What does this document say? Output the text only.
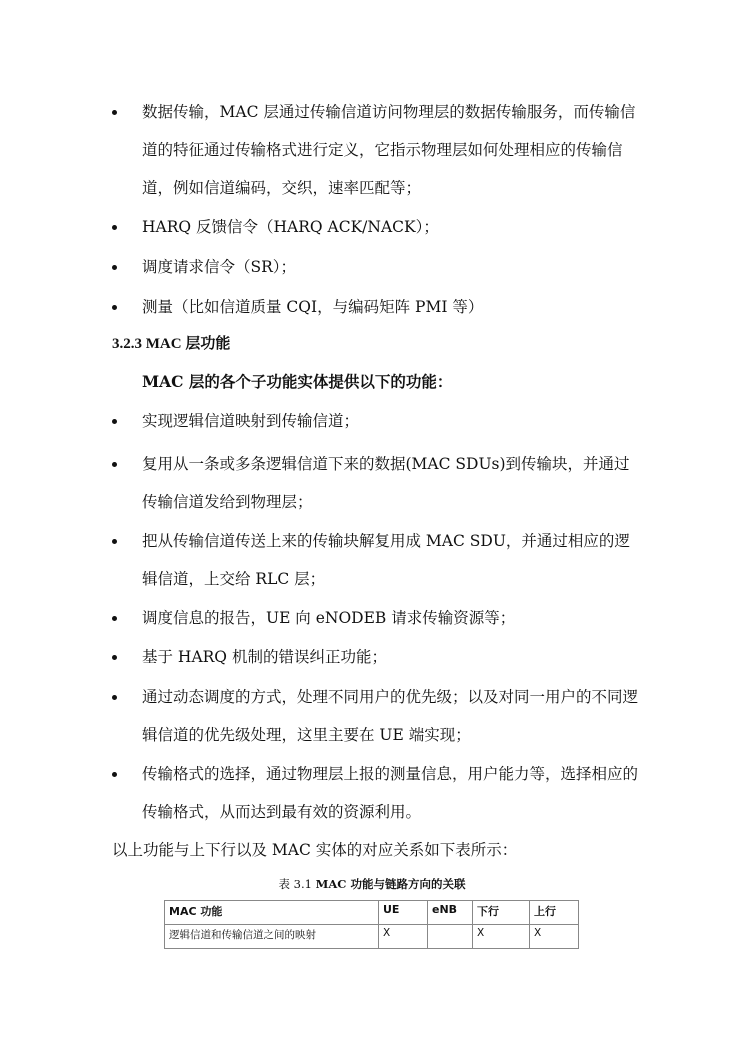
数据传输，MAC 层通过传输信道访问物理层的数据传输服务，而传输信道的特征通过传输格式进行定义，它指示物理层如何处理相应的传输信道，例如信道编码，交织，速率匹配等；
HARQ 反馈信令（HARQ ACK/NACK）；
调度请求信令（SR）；
测量（比如信道质量 CQI，与编码矩阵 PMI 等）
3.2.3 MAC 层功能
MAC 层的各个子功能实体提供以下的功能：
实现逻辑信道映射到传输信道；
复用从一条或多条逻辑信道下来的数据(MAC SDUs)到传输块，并通过传输信道发给到物理层；
把从传输信道传送上来的传输块解复用成 MAC SDU，并通过相应的逻辑信道，上交给 RLC 层；
调度信息的报告，UE 向 eNODEB 请求传输资源等；
基于 HARQ 机制的错误纠正功能；
通过动态调度的方式，处理不同用户的优先级；以及对同一用户的不同逻辑信道的优先级处理，这里主要在 UE 端实现；
传输格式的选择，通过物理层上报的测量信息，用户能力等，选择相应的传输格式，从而达到最有效的资源利用。
以上功能与上下行以及 MAC 实体的对应关系如下表所示：
表 3.1 MAC 功能与链路方向的关联
MAC 功能	UE	eNB	下行	上行
逻辑信道和传输信道之间的映射	X		X	X
